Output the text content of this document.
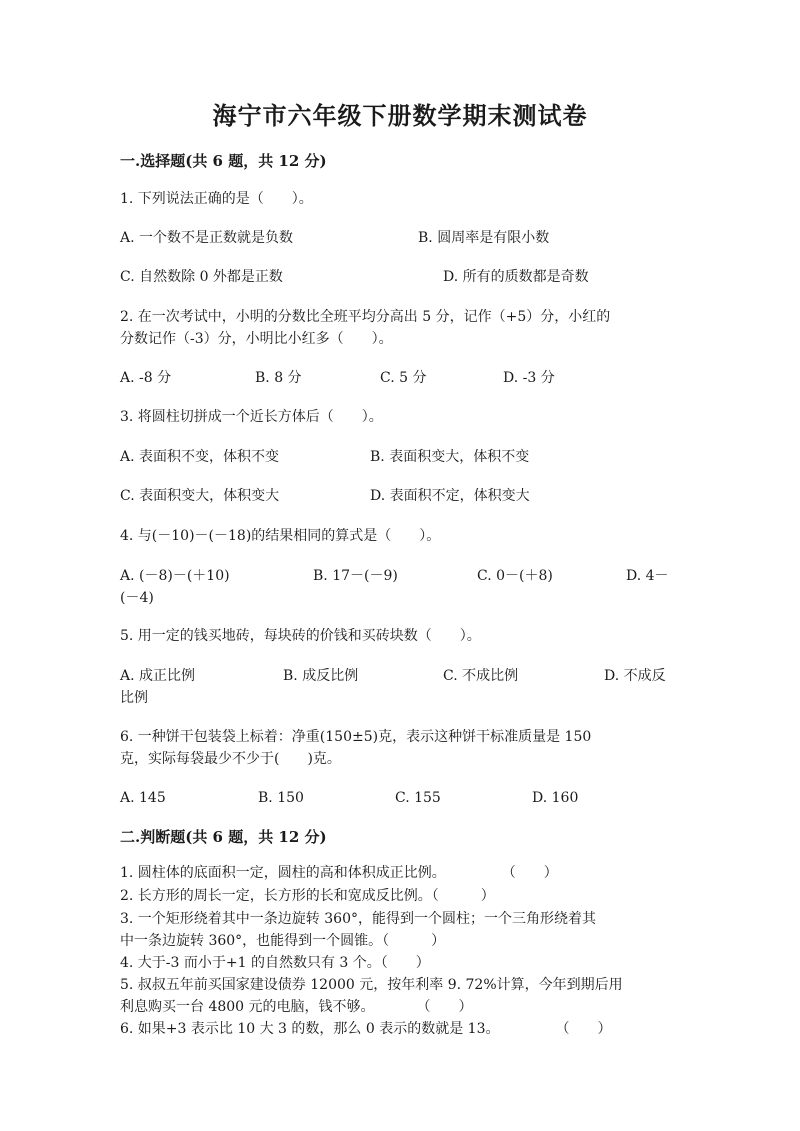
海宁市六年级下册数学期末测试卷
一.选择题(共 6 题，共 12 分)
1. 下列说法正确的是（　　）。
A. 一个数不是正数就是负数	B. 圆周率是有限小数
C. 自然数除 0 外都是正数	D. 所有的质数都是奇数
2. 在一次考试中，小明的分数比全班平均分高出 5 分，记作（+5）分，小红的
分数记作（-3）分，小明比小红多（　　）。
A. -8 分	B. 8 分	C. 5 分	D. -3 分
3. 将圆柱切拼成一个近长方体后（　　）。
A. 表面积不变，体积不变	B. 表面积变大，体积不变
C. 表面积变大，体积变大	D. 表面积不定，体积变大
4. 与(－10)－(－18)的结果相同的算式是（　　）。
A. (－8)－(＋10)	B. 17－(－9)	C. 0－(＋8)	D. 4－
(－4)
5. 用一定的钱买地砖，每块砖的价钱和买砖块数（　　）。
A. 成正比例	B. 成反比例	C. 不成比例	D. 不成反
比例
6. 一种饼干包装袋上标着：净重(150±5)克，表示这种饼干标准质量是 150
克，实际每袋最少不少于(　　)克。
A. 145	B. 150	C. 155	D. 160
二.判断题(共 6 题，共 12 分)
1. 圆柱体的底面积一定，圆柱的高和体积成正比例。　　　　　（　　）
2. 长方形的周长一定，长方形的长和宽成反比例。（　　　）
3. 一个矩形绕着其中一条边旋转 360°，能得到一个圆柱；一个三角形绕着其
中一条边旋转 360°，也能得到一个圆锥。（　　　）
4. 大于-3 而小于+1 的自然数只有 3 个。（　　）
5. 叔叔五年前买国家建设债券 12000 元，按年利率 9. 72%计算，今年到期后用
利息购买一台 4800 元的电脑，钱不够。　　　　（　　）
6. 如果+3 表示比 10 大 3 的数，那么 0 表示的数就是 13。　　　　　（　　）
